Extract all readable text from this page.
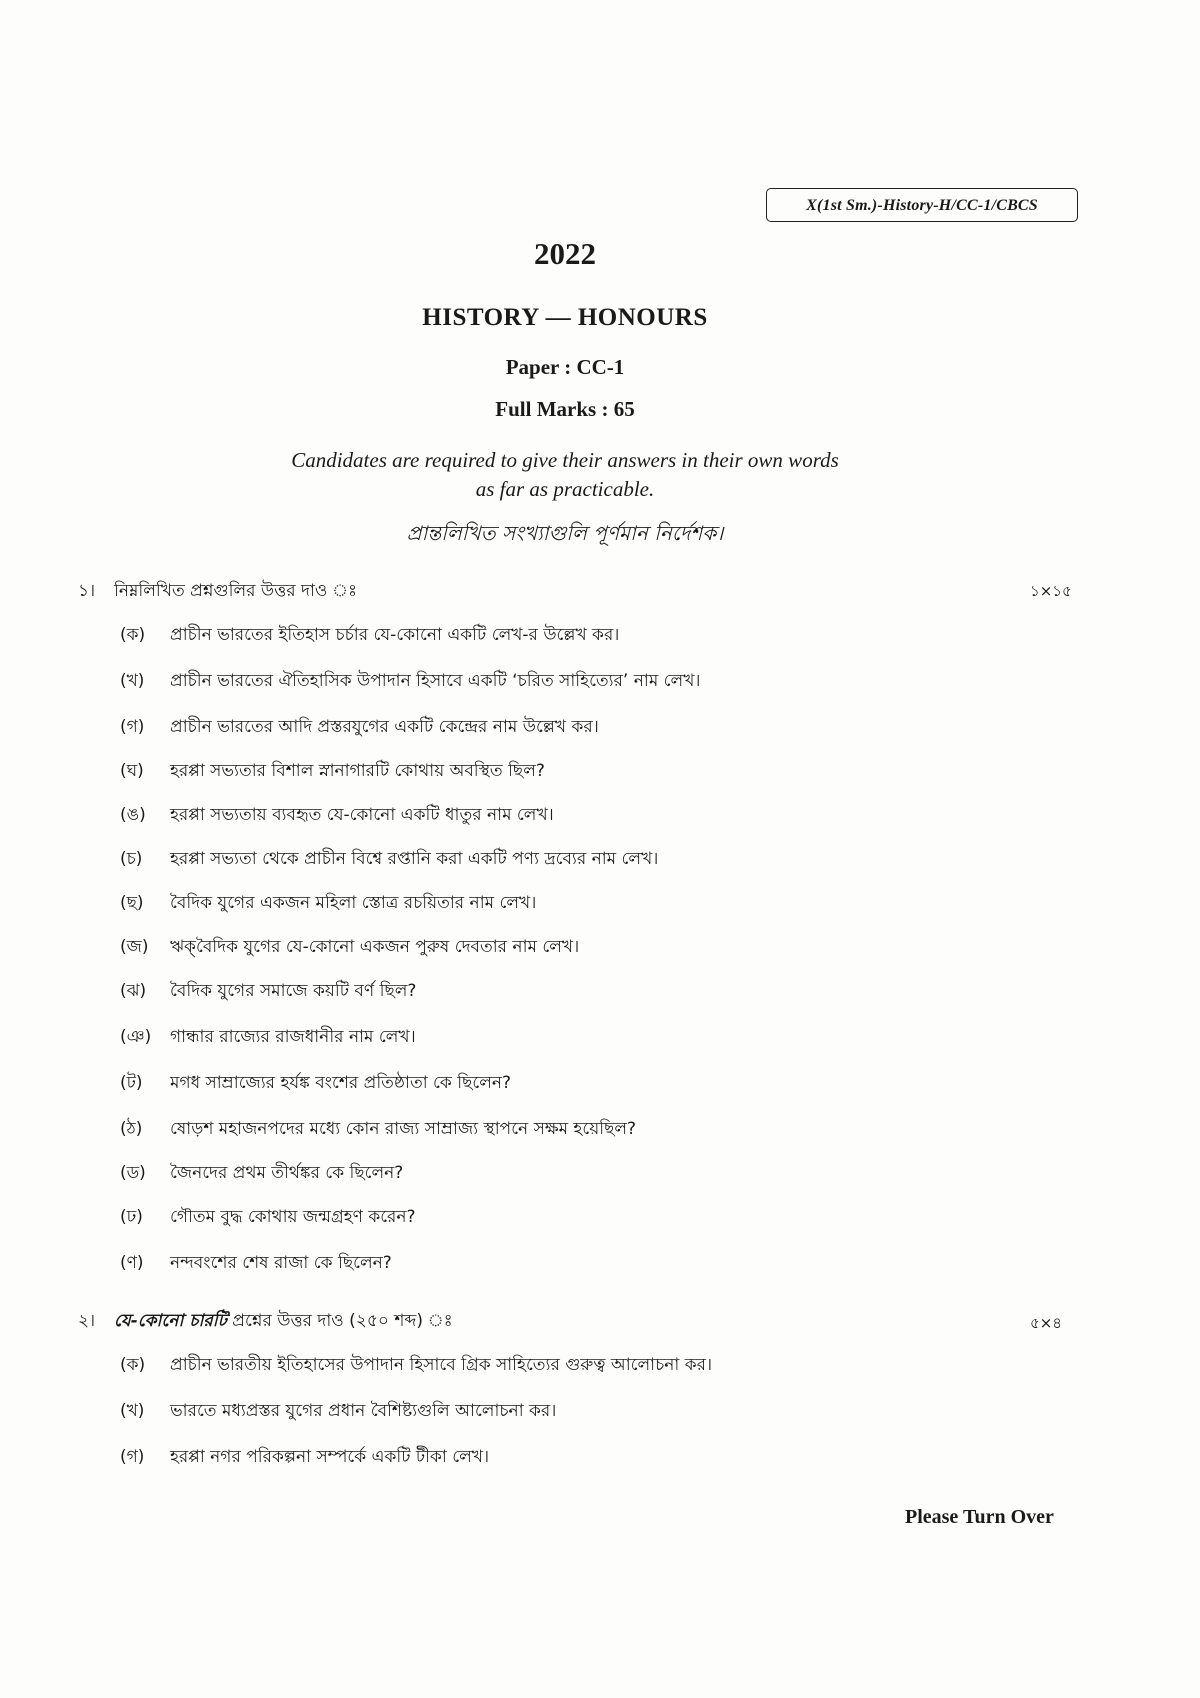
X(1st Sm.)-History-H/CC-1/CBCS
2022
HISTORY — HONOURS
Paper : CC-1
Full Marks : 65
Candidates are required to give their answers in their own words
as far as practicable.
প্রান্তলিখিত সংখ্যাগুলি পূর্ণমান নির্দেশক।
১। নিম্নলিখিত প্রশ্নগুলির উত্তর দাও ঃ	১×১৫
(ক) প্রাচীন ভারতের ইতিহাস চর্চার যে-কোনো একটি লেখ-র উল্লেখ কর।
(খ) প্রাচীন ভারতের ঐতিহাসিক উপাদান হিসাবে একটি ‘চরিত সাহিত্যের’ নাম লেখ।
(গ) প্রাচীন ভারতের আদি প্রস্তরযুগের একটি কেন্দ্রের নাম উল্লেখ কর।
(ঘ) হরপ্পা সভ্যতার বিশাল স্নানাগারটি কোথায় অবস্থিত ছিল?
(ঙ) হরপ্পা সভ্যতায় ব্যবহৃত যে-কোনো একটি ধাতুর নাম লেখ।
(চ) হরপ্পা সভ্যতা থেকে প্রাচীন বিশ্বে রপ্তানি করা একটি পণ্য দ্রব্যের নাম লেখ।
(ছ) বৈদিক যুগের একজন মহিলা স্তোত্র রচয়িতার নাম লেখ।
(জ) ঋক্‌বৈদিক যুগের যে-কোনো একজন পুরুষ দেবতার নাম লেখ।
(ঝ) বৈদিক যুগের সমাজে কয়টি বর্ণ ছিল?
(ঞ) গান্ধার রাজ্যের রাজধানীর নাম লেখ।
(ট) মগধ সাম্রাজ্যের হর্যঙ্ক বংশের প্রতিষ্ঠাতা কে ছিলেন?
(ঠ) ষোড়শ মহাজনপদের মধ্যে কোন রাজ্য সাম্রাজ্য স্থাপনে সক্ষম হয়েছিল?
(ড) জৈনদের প্রথম তীর্থঙ্কর কে ছিলেন?
(ঢ) গৌতম বুদ্ধ কোথায় জন্মগ্রহণ করেন?
(ণ) নন্দবংশের শেষ রাজা কে ছিলেন?
২। যে-কোনো চারটি প্রশ্নের উত্তর দাও (২৫০ শব্দ) ঃ	৫×৪
(ক) প্রাচীন ভারতীয় ইতিহাসের উপাদান হিসাবে গ্রিক সাহিত্যের গুরুত্ব আলোচনা কর।
(খ) ভারতে মধ্যপ্রস্তর যুগের প্রধান বৈশিষ্ট্যগুলি আলোচনা কর।
(গ) হরপ্পা নগর পরিকল্পনা সম্পর্কে একটি টীকা লেখ।
Please Turn Over
